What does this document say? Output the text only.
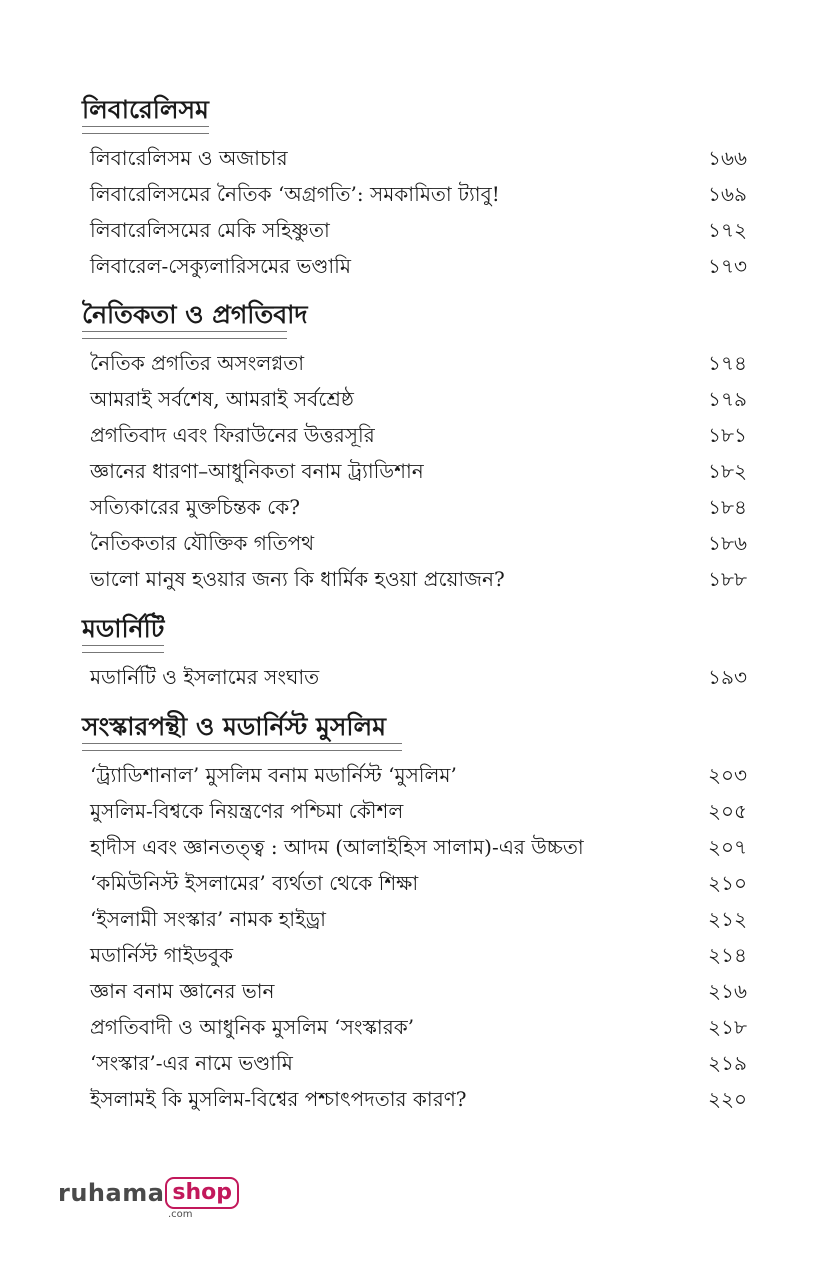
লিবারেলিসম
লিবারেলিসম ও অজাচার	১৬৬
লিবারেলিসমের নৈতিক ‘অগ্রগতি’: সমকামিতা ট্যাবু!	১৬৯
লিবারেলিসমের মেকি সহিষ্ণুতা	১৭২
লিবারেল-সেক্যুলারিসমের ভণ্ডামি	১৭৩
নৈতিকতা ও প্রগতিবাদ
নৈতিক প্রগতির অসংলগ্নতা	১৭৪
আমরাই সর্বশেষ, আমরাই সর্বশ্রেষ্ঠ	১৭৯
প্রগতিবাদ এবং ফিরাউনের উত্তরসূরি	১৮১
জ্ঞানের ধারণা–আধুনিকতা বনাম ট্র্যাডিশান	১৮২
সত্যিকারের মুক্তচিন্তক কে?	১৮৪
নৈতিকতার যৌক্তিক গতিপথ	১৮৬
ভালো মানুষ হওয়ার জন্য কি ধার্মিক হওয়া প্রয়োজন?	১৮৮
মডার্নিটি
মডার্নিটি ও ইসলামের সংঘাত	১৯৩
সংস্কারপন্থী ও মডার্নিস্ট মুসলিম
‘ট্র্যাডিশানাল’ মুসলিম বনাম মডার্নিস্ট ‘মুসলিম’	২০৩
মুসলিম-বিশ্বকে নিয়ন্ত্রণের পশ্চিমা কৌশল	২০৫
হাদীস এবং জ্ঞানতত্ত্ব : আদম (আলাইহিস সালাম)-এর উচ্চতা	২০৭
‘কমিউনিস্ট ইসলামের’ ব্যর্থতা থেকে শিক্ষা	২১০
‘ইসলামী সংস্কার’ নামক হাইড্রা	২১২
মডার্নিস্ট গাইডবুক	২১৪
জ্ঞান বনাম জ্ঞানের ভান	২১৬
প্রগতিবাদী ও আধুনিক মুসলিম ‘সংস্কারক’	২১৮
‘সংস্কার’-এর নামে ভণ্ডামি	২১৯
ইসলামই কি মুসলিম-বিশ্বের পশ্চাৎপদতার কারণ?	২২০
ruhama shop
.com
